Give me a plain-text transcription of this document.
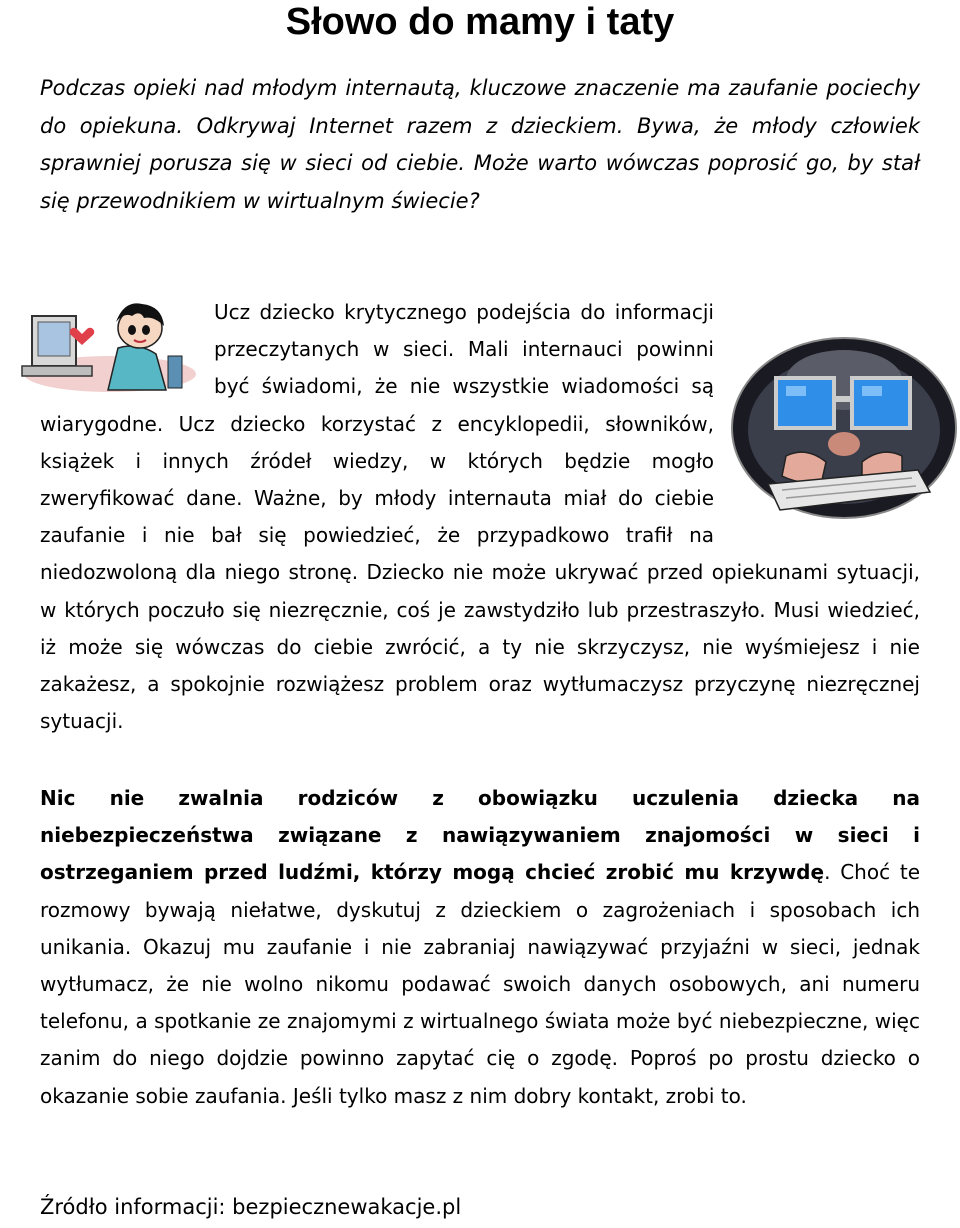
Słowo do mamy i taty

Podczas opieki nad młodym internautą, kluczowe znaczenie ma zaufanie pociechy do opiekuna. Odkrywaj Internet razem z dzieckiem. Bywa, że młody człowiek sprawniej porusza się w sieci od ciebie. Może warto wówczas poprosić go, by stał się przewodnikiem w wirtualnym świecie?

Ucz dziecko krytycznego podejścia do informacji przeczytanych w sieci. Mali internauci powinni być świadomi, że nie wszystkie wiadomości są wiarygodne. Ucz dziecko korzystać z encyklopedii, słowników, książek i innych źródeł wiedzy, w których będzie mogło zweryfikować dane. Ważne, by młody internauta miał do ciebie zaufanie i nie bał się powiedzieć, że przypadkowo trafił na niedozwoloną dla niego stronę. Dziecko nie może ukrywać przed opiekunami sytuacji, w których poczuło się niezręcznie, coś je zawstydziło lub przestraszyło. Musi wiedzieć, iż może się wówczas do ciebie zwrócić, a ty nie skrzyczysz, nie wyśmiejesz i nie zakażesz, a spokojnie rozwiążesz problem oraz wytłumaczysz przyczynę niezręcznej sytuacji.

Nic nie zwalnia rodziców z obowiązku uczulenia dziecka na niebezpieczeństwa związane z nawiązywaniem znajomości w sieci i ostrzeganiem przed ludźmi, którzy mogą chcieć zrobić mu krzywdę. Choć te rozmowy bywają niełatwe, dyskutuj z dzieckiem o zagrożeniach i sposobach ich unikania. Okazuj mu zaufanie i nie zabraniaj nawiązywać przyjaźni w sieci, jednak wytłumacz, że nie wolno nikomu podawać swoich danych osobowych, ani numeru telefonu, a spotkanie ze znajomymi z wirtualnego świata może być niebezpieczne, więc zanim do niego dojdzie powinno zapytać cię o zgodę. Poproś po prostu dziecko o okazanie sobie zaufania. Jeśli tylko masz z nim dobry kontakt, zrobi to.

Źródło informacji: bezpiecznewakacje.pl
